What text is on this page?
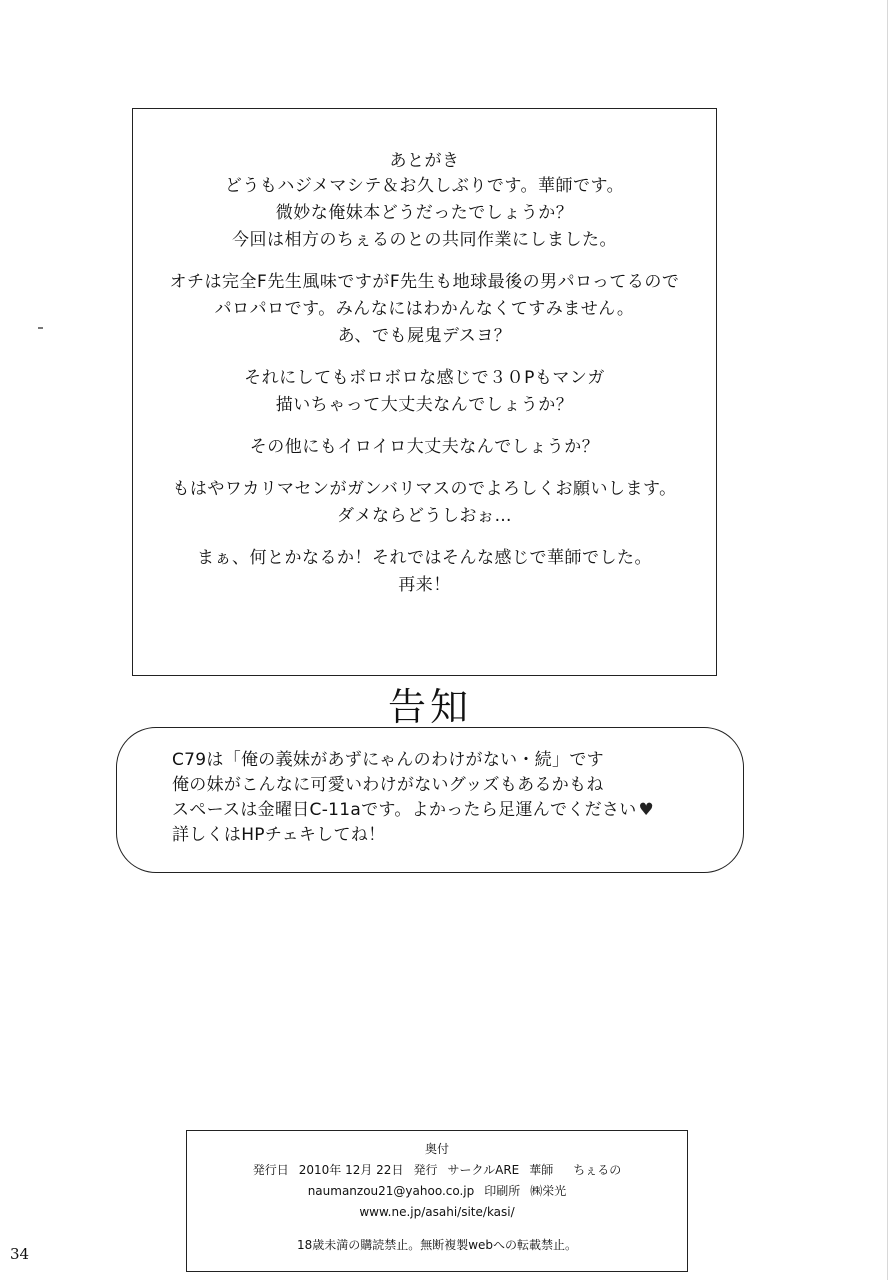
あとがき
どうもハジメマシテ＆お久しぶりです。華師です。
微妙な俺妹本どうだったでしょうか？
今回は相方のちぇるのとの共同作業にしました。
オチは完全F先生風味ですがF先生も地球最後の男パロってるので
パロパロです。みんなにはわかんなくてすみません。
あ、でも屍鬼デスヨ？
それにしてもボロボロな感じで３０Pもマンガ
描いちゃって大丈夫なんでしょうか？
その他にもイロイロ大丈夫なんでしょうか？
もはやワカリマセンがガンバリマスのでよろしくお願いします。
ダメならどうしおぉ…
まぁ、何とかなるか！それではそんな感じで華師でした。
再来！
告知
C79は「俺の義妹があずにゃんのわけがない・続」です
俺の妹がこんなに可愛いわけがないグッズもあるかもね
スペースは金曜日C-11aです。よかったら足運んでください ♥
詳しくはHPチェキしてね！
奥付
発行日 2010年 12月 22日 発行 サークルARE 華師 ちぇるの
naumanzou21@yahoo.co.jp 印刷所 ㈱栄光
www.ne.jp/asahi/site/kasi/
18歳未満の購読禁止。無断複製webへの転載禁止。
34
